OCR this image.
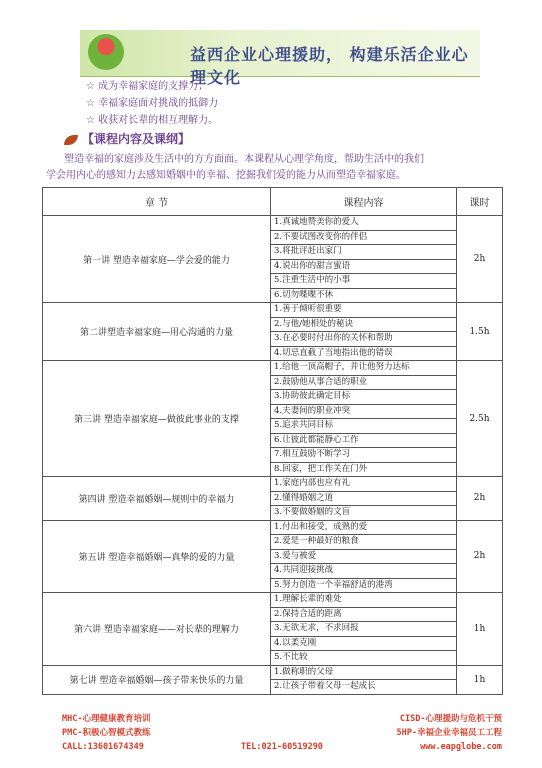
益西企业心理援助， 构建乐活企业心理文化
☆ 成为幸福家庭的支撑力；
☆ 幸福家庭面对挑战的抵御力
☆ 收获对长辈的相互理解力。
【课程内容及课纲】
塑造幸福的家庭涉及生活中的方方面面。本课程从心理学角度，帮助生活中的我们
学会用内心的感知力去感知婚姻中的幸福、挖掘我们爱的能力从而塑造幸福家庭。
章 节	课程内容	课时
第一讲 塑造幸福家庭—学会爱的能力	1.真诚地赞美你的爱人	2h
	2.不要试图改变你的伴侣	
	3.将批评赶出家门	
	4.说出你的甜言蜜语	
	5.注重生活中的小事	
	6.切勿喋喋不休	
第二讲塑造幸福家庭—用心沟通的力量	1.善于倾听很重要	1.5h
	2.与他/她相处的秘诀	
	3.在必要时付出你的关怀和帮助	
	4.切忌直截了当地指出他的错误	
第三讲 塑造幸福家庭—做彼此事业的支撑	1.给他一顶高帽子，并让他努力达标	2.5h
	2.鼓励他从事合适的职业	
	3.协助彼此确定目标	
	4.夫妻间的职业冲突	
	5.追求共同目标	
	6.让彼此都能静心工作	
	7.相互鼓励不断学习	
	8.回家，把工作关在门外	
第四讲 塑造幸福婚姻—规则中的幸福力	1.家庭内部也应有礼	2h
	2.懂得婚姻之道	
	3.不要做婚姻的文盲	
第五讲 塑造幸福婚姻—真挚的爱的力量	1.付出和接受，成熟的爱	2h
	2.爱是一种最好的粮食	
	3.爱与被爱	
	4.共同迎接挑战	
	5.努力创造一个幸福舒适的港湾	
第六讲 塑造幸福家庭——对长辈的理解力	1.理解长辈的难处	1h
	2.保持合适的距离	
	3.无欲无求，不求回报	
	4.以柔克刚	
	5.不比较	
第七讲 塑造幸福婚姻—孩子带来快乐的力量	1.做称职的父母	1h
	2.让孩子带着父母一起成长	
MHC-心理健康教育培训	CISD-心理援助与危机干预
PMC-积极心智模式教练	5HP-幸福企业幸福员工工程
CALL:13601674349	TEL:021-60519290	www.eapglobe.com
